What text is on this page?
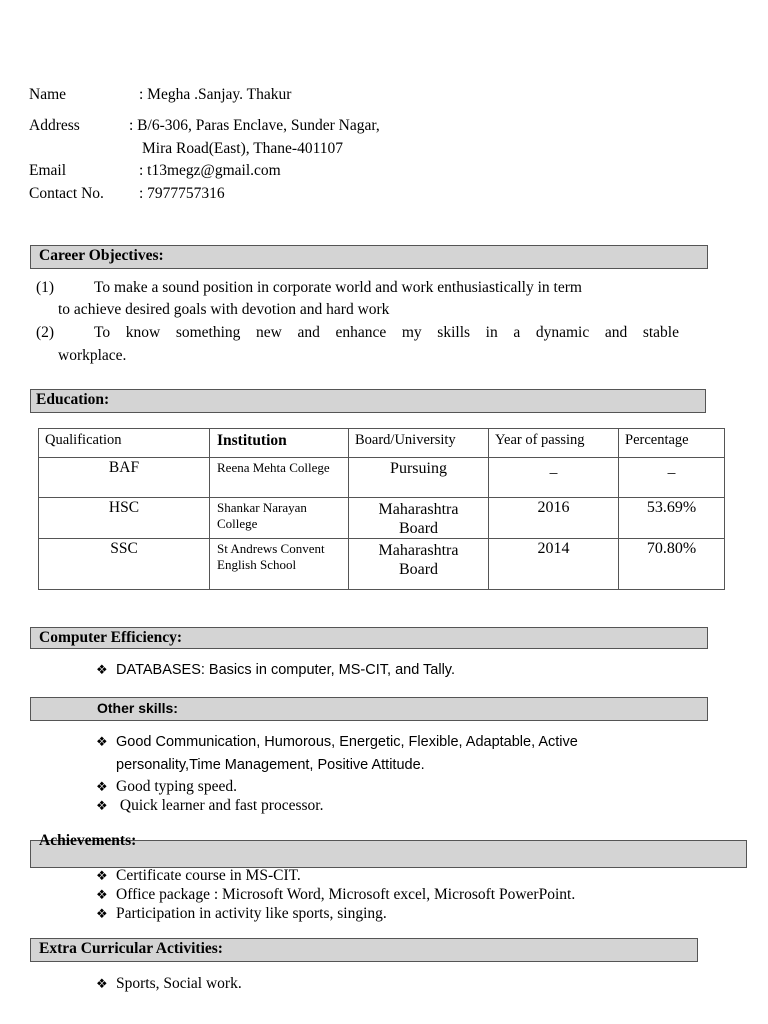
Name	: Megha .Sanjay. Thakur
Address	: B/6-306, Paras Enclave, Sunder Nagar,
Mira Road(East), Thane-401107
Email	: t13megz@gmail.com
Contact No. : 7977757316
Career Objectives:
(1)	To make a sound position in corporate world and work enthusiastically in term
to achieve desired goals with devotion and hard work
(2)	To know something new and enhance my skills in a dynamic and stable
workplace.
Education:
Qualification	Institution	Board/University	Year of passing	Percentage
BAF	Reena Mehta College	Pursuing	_	_
HSC	Shankar Narayan College	Maharashtra Board	2016	53.69%
SSC	St Andrews Convent English School	Maharashtra Board	2014	70.80%
Computer Efficiency:
❖ DATABASES: Basics in computer, MS-CIT, and Tally.
Other skills:
❖ Good Communication, Humorous, Energetic, Flexible, Adaptable, Active
personality,Time Management, Positive Attitude.
❖ Good typing speed.
❖ Quick learner and fast processor.
Achievements:
❖ Certificate course in MS-CIT.
❖ Office package : Microsoft Word, Microsoft excel, Microsoft PowerPoint.
❖ Participation in activity like sports, singing.
Extra Curricular Activities:
❖ Sports, Social work.
